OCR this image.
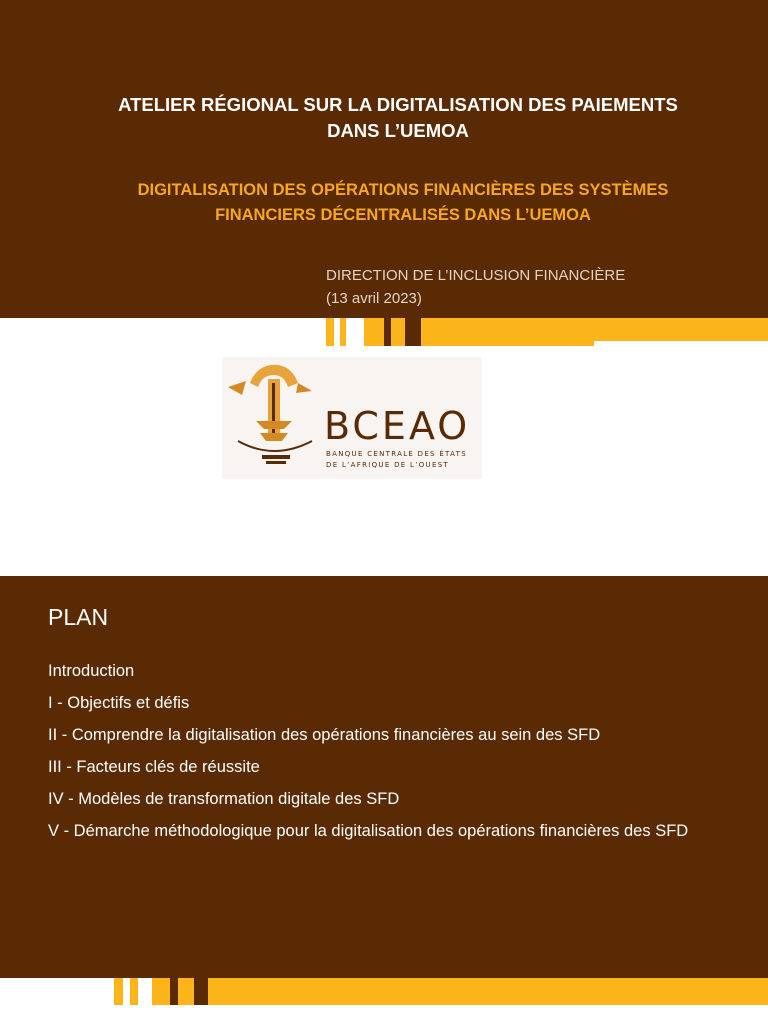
ATELIER RÉGIONAL SUR LA DIGITALISATION DES PAIEMENTS
DANS L’UEMOA
DIGITALISATION DES OPÉRATIONS FINANCIÈRES DES SYSTÈMES
FINANCIERS DÉCENTRALISÉS DANS L’UEMOA
DIRECTION DE L’INCLUSION FINANCIÈRE
(13 avril 2023)
BCEAO
BANQUE CENTRALE DES ÉTATS
DE L’AFRIQUE DE L’OUEST
PLAN
Introduction
I - Objectifs et défis
II - Comprendre la digitalisation des opérations financières au sein des SFD
III - Facteurs clés de réussite
IV - Modèles de transformation digitale des SFD
V - Démarche méthodologique pour la digitalisation des opérations financières des SFD
